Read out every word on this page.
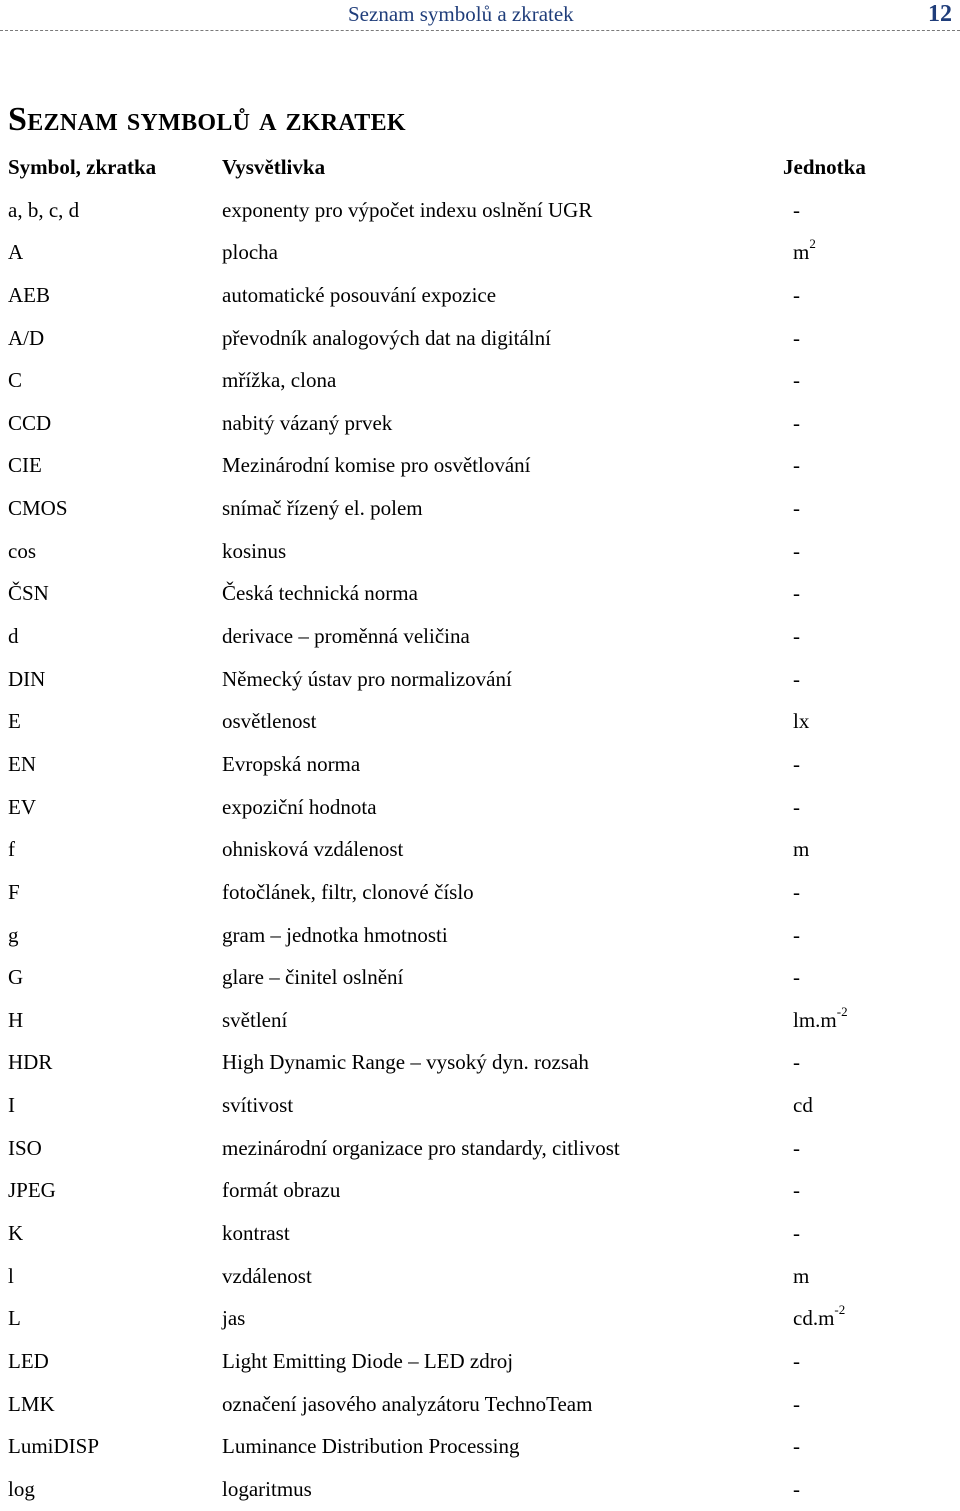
Seznam symbolů a zkratek	12
Seznam symbolů a zkratek
Symbol, zkratka	Vysvětlivka	Jednotka
a, b, c, d	exponenty pro výpočet indexu oslnění UGR	-
A	plocha	$m^2$
AEB	automatické posouvání expozice	-
A/D	převodník analogových dat na digitální	-
C	mřížka, clona	-
CCD	nabitý vázaný prvek	-
CIE	Mezinárodní komise pro osvětlování	-
CMOS	snímač řízený el. polem	-
cos	kosinus	-
ČSN	Česká technická norma	-
d	derivace – proměnná veličina	-
DIN	Německý ústav pro normalizování	-
E	osvětlenost	lx
EN	Evropská norma	-
EV	expoziční hodnota	-
f	ohnisková vzdálenost	m
F	fotočlánek, filtr, clonové číslo	-
g	gram – jednotka hmotnosti	-
G	glare – činitel oslnění	-
H	světlení	$lm.m^{-2}$
HDR	High Dynamic Range – vysoký dyn. rozsah	-
I	svítivost	cd
ISO	mezinárodní organizace pro standardy, citlivost	-
JPEG	formát obrazu	-
K	kontrast	-
l	vzdálenost	m
L	jas	$cd.m^{-2}$
LED	Light Emitting Diode – LED zdroj	-
LMK	označení jasového analyzátoru TechnoTeam	-
LumiDISP	Luminance Distribution Processing	-
log	logaritmus	-
